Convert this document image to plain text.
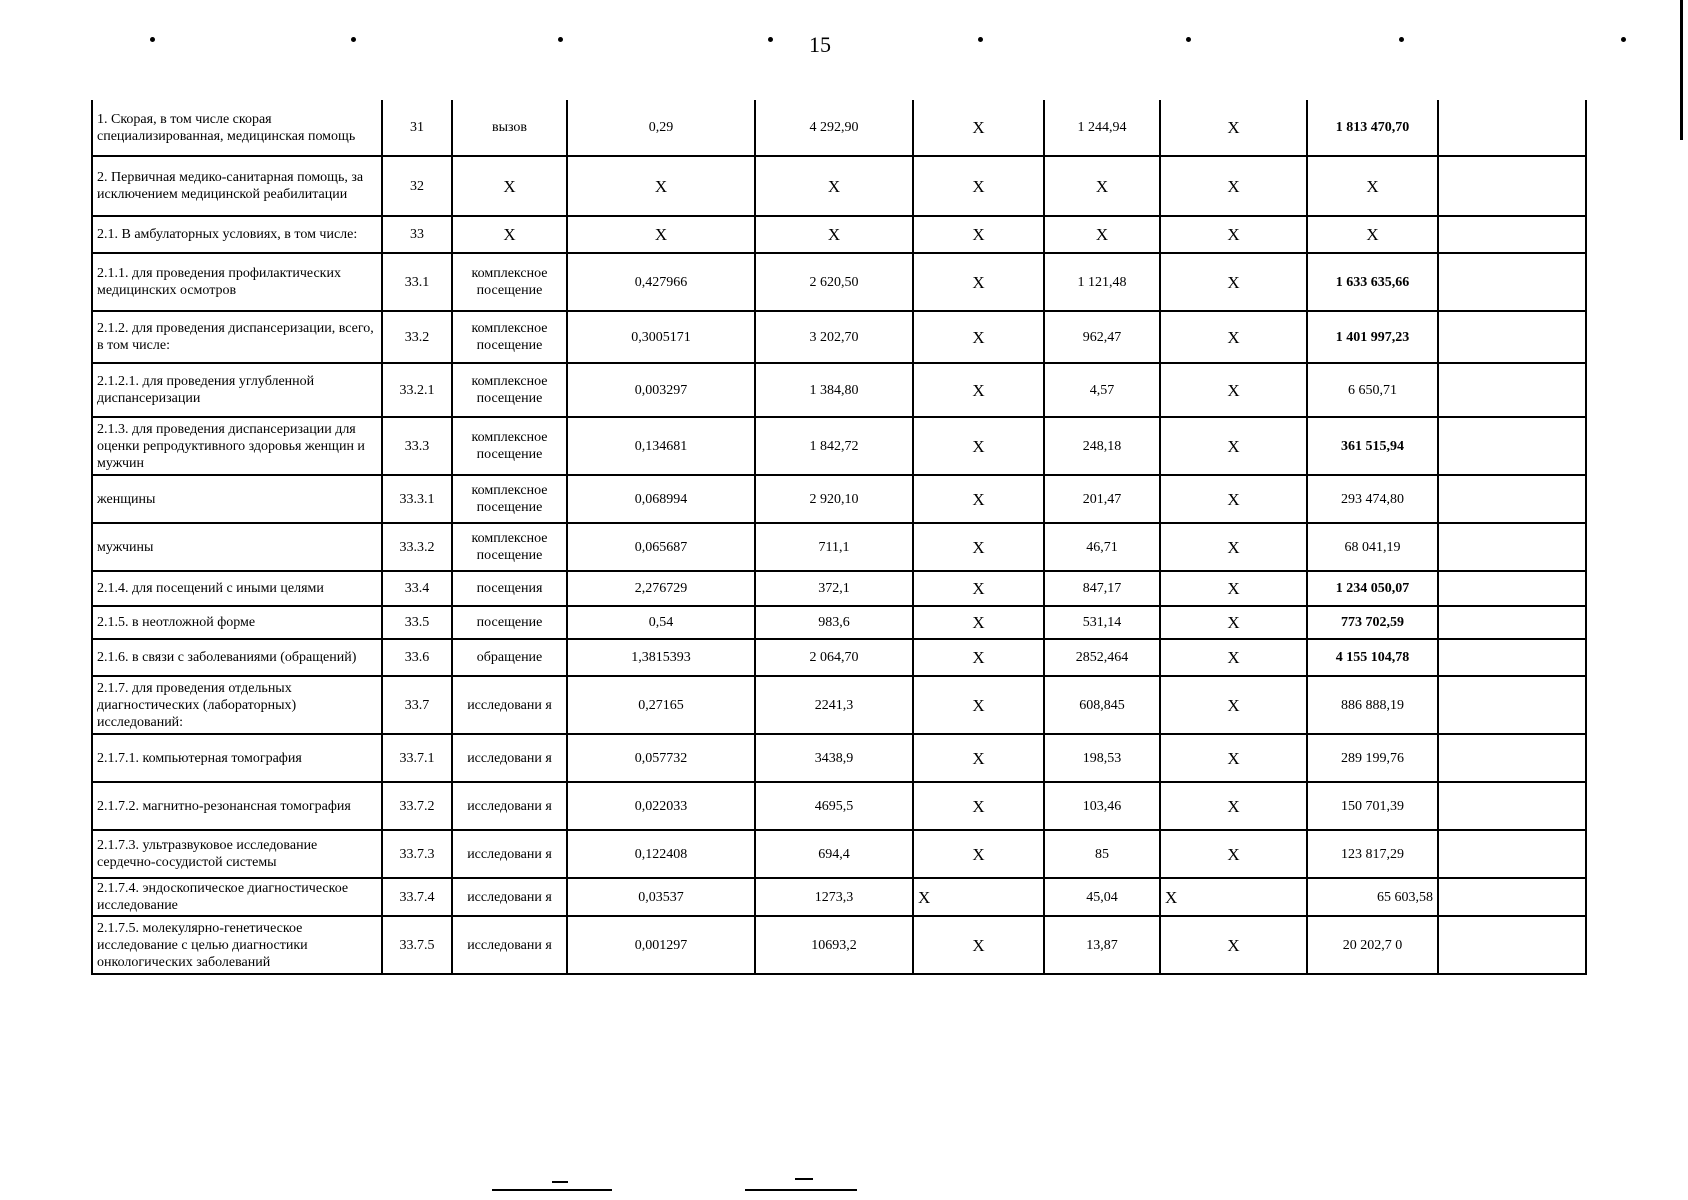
15
1. Скорая, в том числе скорая специализированная, медицинская помощь	31	вызов	0,29	4 292,90	X	1 244,94	X	1 813 470,70	
2. Первичная медико-санитарная помощь, за исключением медицинской реабилитации	32	X	X	X	X	X	X	X	
2.1. В амбулаторных условиях, в том числе:	33	X	X	X	X	X	X	X	
2.1.1. для проведения профилактических медицинских осмотров	33.1	комплексное посещение	0,427966	2 620,50	X	1 121,48	X	1 633 635,66	
2.1.2. для проведения диспансеризации, всего, в том числе:	33.2	комплексное посещение	0,3005171	3 202,70	X	962,47	X	1 401 997,23	
2.1.2.1. для проведения углубленной диспансеризации	33.2.1	комплексное посещение	0,003297	1 384,80	X	4,57	X	6 650,71	
2.1.3. для проведения диспансеризации для оценки репродуктивного здоровья женщин и мужчин	33.3	комплексное посещение	0,134681	1 842,72	X	248,18	X	361 515,94	
женщины	33.3.1	комплексное посещение	0,068994	2 920,10	X	201,47	X	293 474,80	
мужчины	33.3.2	комплексное посещение	0,065687	711,1	X	46,71	X	68 041,19	
2.1.4. для посещений с иными целями	33.4	посещения	2,276729	372,1	X	847,17	X	1 234 050,07	
2.1.5. в неотложной форме	33.5	посещение	0,54	983,6	X	531,14	X	773 702,59	
2.1.6. в связи с заболеваниями (обращений)	33.6	обращение	1,3815393	2 064,70	X	2852,464	X	4 155 104,78	
2.1.7. для проведения отдельных диагностических (лабораторных) исследований:	33.7	исследовани я	0,27165	2241,3	X	608,845	X	886 888,19	
2.1.7.1. компьютерная томография	33.7.1	исследовани я	0,057732	3438,9	X	198,53	X	289 199,76	
2.1.7.2. магнитно-резонансная томография	33.7.2	исследовани я	0,022033	4695,5	X	103,46	X	150 701,39	
2.1.7.3. ультразвуковое исследование сердечно-сосудистой системы	33.7.3	исследовани я	0,122408	694,4	X	85	X	123 817,29	
2.1.7.4. эндоскопическое диагностическое исследование	33.7.4	исследовани я	0,03537	1273,3	X	45,04	X	65 603,58	
2.1.7.5. молекулярно-генетическое исследование с целью диагностики онкологических заболеваний	33.7.5	исследовани я	0,001297	10693,2	X	13,87	X	20 202,7 0	
